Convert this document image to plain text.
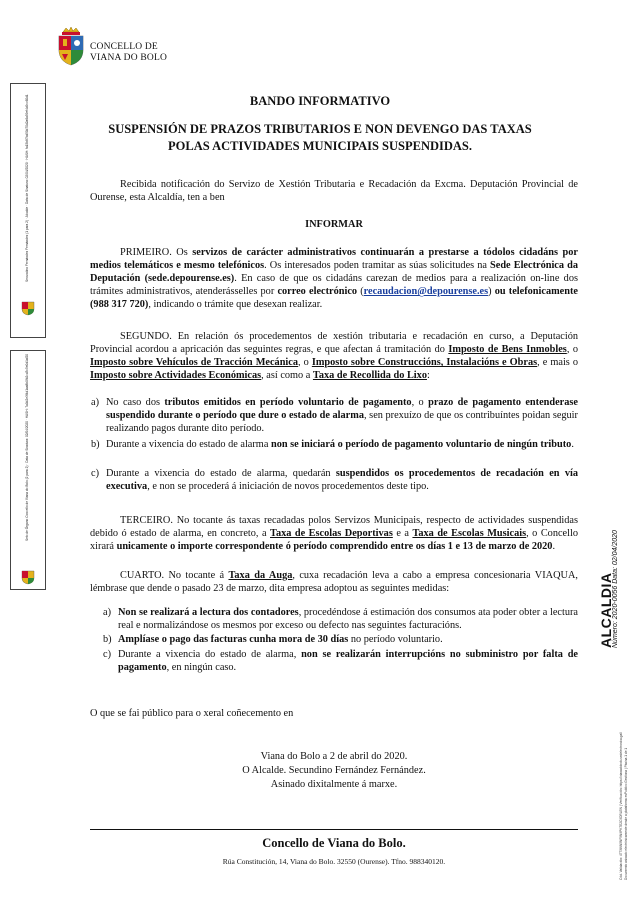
CONCELLO DE
VIANA DO BOLO
Secundino Fernández Fernández (1 para 2) · Alcalde · Data de Sinatura: 02/04/2020 · HASH: fa15b87bd50d70d2a6a59ef4d9cc60d1
Selo de Órgano Concello de Viana do Bolo (2 para 2) · Data de Sinatura: 02/04/2020 · HASH: 7a0d2e3f4d1aa8b0fb2cd3c5e0d1af20
ALCALDIA
Número: 2020-0056 Data: 02/04/2020
Cód. Validación: 4773WN5NF9N9PK7E2C9DRLEN | Verificación: https://vianadobolo.sedelectronica.gal/ Documento asinado electrónicamente desde a plataforma esPublico Gestiona | Páxina 1 de 1
BANDO INFORMATIVO
SUSPENSIÓN DE PRAZOS TRIBUTARIOS E NON DEVENGO DAS TAXAS
POLAS ACTIVIDADES MUNICIPAIS SUSPENDIDAS.
Recibida notificación do Servizo de Xestión Tributaria e Recadación da Excma. Deputación Provincial de Ourense, esta Alcaldía, ten a ben
INFORMAR
PRIMEIRO. Os servizos de carácter administrativos continuarán a prestarse a tódolos cidadáns por medios telemáticos e mesmo telefónicos. Os interesados poden tramitar as súas solicitudes na Sede Electrónica da Deputación (sede.depourense.es). En caso de que os cidadáns carezan de medios para a realización on-line dos trámites administrativos, atenderásselles por correo electrónico (recaudacion@depourense.es) ou telefonicamente (988 317 720), indicando o trámite que desexan realizar.
SEGUNDO. En relación ós procedementos de xestión tributaria e recadación en curso, a Deputación Provincial acordou a apricación das seguintes regras, e que afectan á tramitación do Imposto de Bens Inmobles, o Imposto sobre Vehículos de Tracción Mecánica, o Imposto sobre Construccións, Instalacións e Obras, e mais o Imposto sobre Actividades Económicas, así como a Taxa de Recollida do Lixo:
a) No caso dos tributos emitidos en período voluntario de pagamento, o prazo de pagamento entenderase suspendido durante o período que dure o estado de alarma, sen prexuízo de que os contribuíntes poidan seguir realizando pagos durante dito período.
b) Durante a vixencia do estado de alarma non se iniciará o período de pagamento voluntario de ningún tributo.
c) Durante a vixencia do estado de alarma, quedarán suspendidos os procedementos de recadación en vía executiva, e non se procederá á iniciación de novos procedementos deste tipo.
TERCEIRO. No tocante ás taxas recadadas polos Servizos Municipais, respecto de actividades suspendidas debido ó estado de alarma, en concreto, a Taxa de Escolas Deportivas e a Taxa de Escolas Musicais, o Concello xirará unicamente o importe correspondente ó período comprendido entre os días 1 e 13 de marzo de 2020.
CUARTO. No tocante á Taxa da Auga, cuxa recadación leva a cabo a empresa concesionaria VIAQUA, lémbrase que dende o pasado 23 de marzo, dita empresa adoptou as seguintes medidas:
a) Non se realizará a lectura dos contadores, procedéndose á estimación dos consumos ata poder obter a lectura real e normalizándose os mesmos por exceso ou defecto nas seguintes facturacións.
b) Amplíase o pago das facturas cunha mora de 30 días no período voluntario.
c) Durante a vixencia do estado de alarma, non se realizarán interrupcións no subministro por falta de pagamento, en ningún caso.
O que se fai público para o xeral coñecemento en
Viana do Bolo a 2 de abril do 2020.
O Alcalde. Secundino Fernández Fernández.
Asinado dixitalmente á marxe.
Concello de Viana do Bolo.
Rúa Constitución, 14, Viana do Bolo. 32550 (Ourense). Tfno. 988340120.
